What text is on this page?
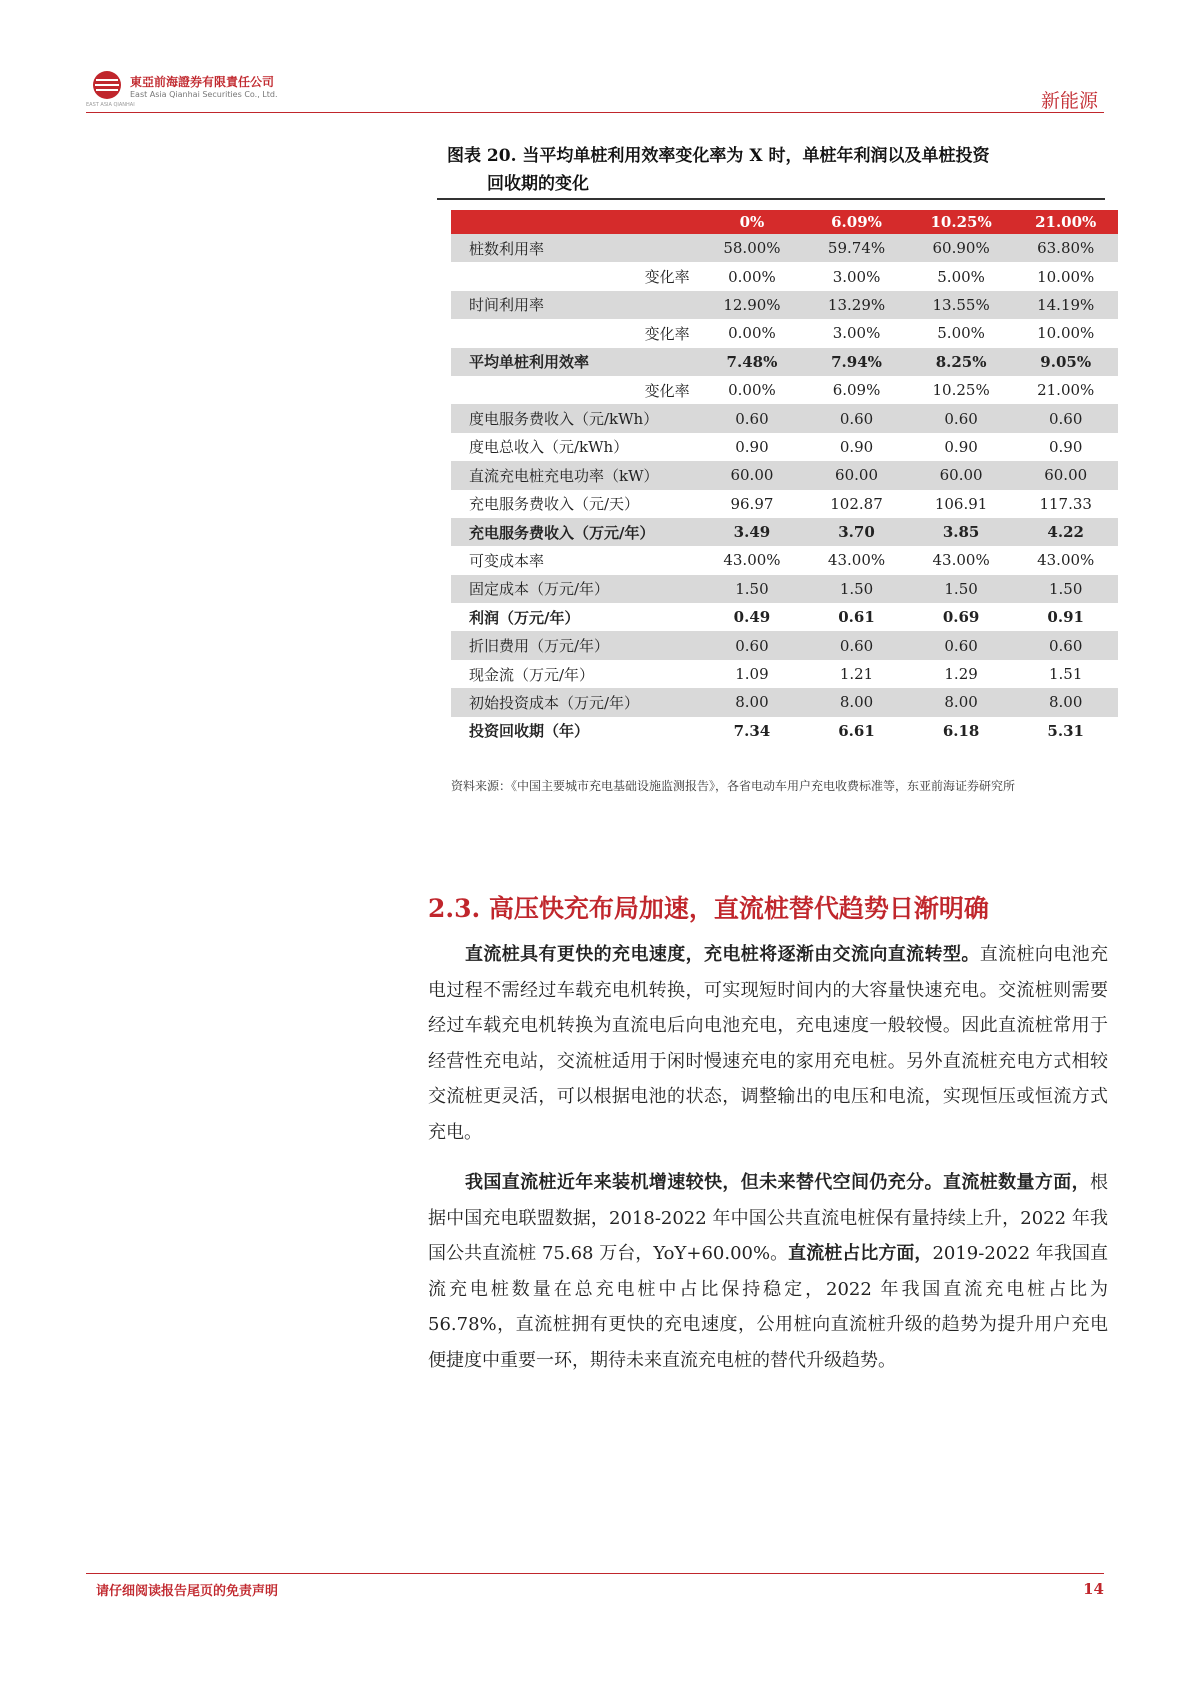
東亞前海證券有限責任公司
East Asia Qianhai Securities Co., Ltd.
EAST ASIA QIANHAI	新能源
图表 20. 当平均单桩利用效率变化率为 X 时，单桩年利润以及单桩投资
回收期的变化
	0%	6.09%	10.25%	21.00%
桩数利用率	58.00%	59.74%	60.90%	63.80%
变化率	0.00%	3.00%	5.00%	10.00%
时间利用率	12.90%	13.29%	13.55%	14.19%
变化率	0.00%	3.00%	5.00%	10.00%
平均单桩利用效率	7.48%	7.94%	8.25%	9.05%
变化率	0.00%	6.09%	10.25%	21.00%
度电服务费收入（元/kWh）	0.60	0.60	0.60	0.60
度电总收入（元/kWh）	0.90	0.90	0.90	0.90
直流充电桩充电功率（kW）	60.00	60.00	60.00	60.00
充电服务费收入（元/天）	96.97	102.87	106.91	117.33
充电服务费收入（万元/年）	3.49	3.70	3.85	4.22
可变成本率	43.00%	43.00%	43.00%	43.00%
固定成本（万元/年）	1.50	1.50	1.50	1.50
利润（万元/年）	0.49	0.61	0.69	0.91
折旧费用（万元/年）	0.60	0.60	0.60	0.60
现金流（万元/年）	1.09	1.21	1.29	1.51
初始投资成本（万元/年）	8.00	8.00	8.00	8.00
投资回收期（年）	7.34	6.61	6.18	5.31
资料来源：《中国主要城市充电基础设施监测报告》，各省电动车用户充电收费标准等，东亚前海证券研究所
2.3. 高压快充布局加速，直流桩替代趋势日渐明确
直流桩具有更快的充电速度，充电桩将逐渐由交流向直流转型。直流桩向电池充电过程不需经过车载充电机转换，可实现短时间内的大容量快速充电。交流桩则需要经过车载充电机转换为直流电后向电池充电，充电速度一般较慢。因此直流桩常用于经营性充电站，交流桩适用于闲时慢速充电的家用充电桩。另外直流桩充电方式相较交流桩更灵活，可以根据电池的状态，调整输出的电压和电流，实现恒压或恒流方式充电。
我国直流桩近年来装机增速较快，但未来替代空间仍充分。直流桩数量方面，根据中国充电联盟数据，2018-2022 年中国公共直流电桩保有量持续上升，2022 年我国公共直流桩 75.68 万台，YoY+60.00%。直流桩占比方面，2019-2022 年我国直流充电桩数量在总充电桩中占比保持稳定，2022 年我国直流充电桩占比为 56.78%，直流桩拥有更快的充电速度，公用桩向直流桩升级的趋势为提升用户充电便捷度中重要一环，期待未来直流充电桩的替代升级趋势。
请仔细阅读报告尾页的免责声明	14
